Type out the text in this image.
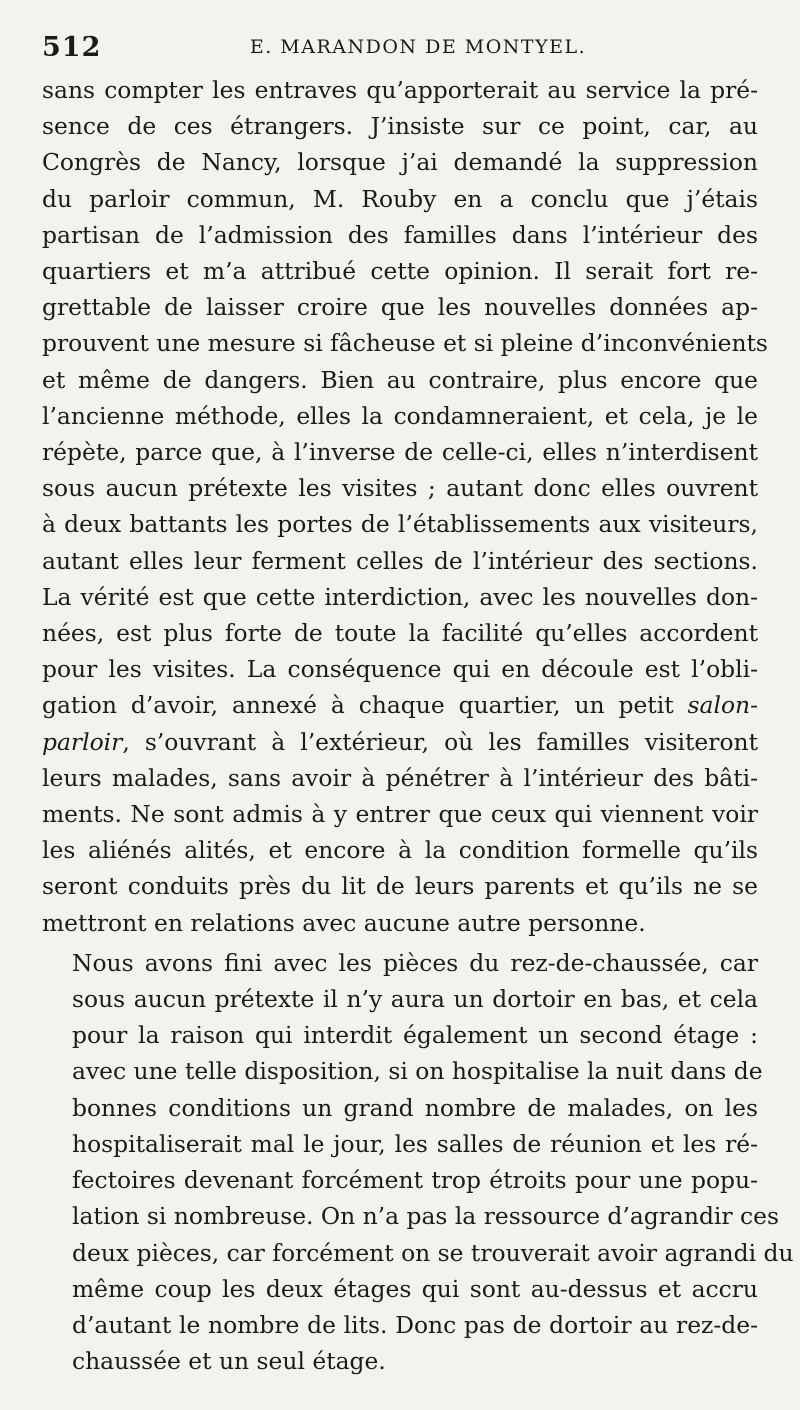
512	E. MARANDON DE MONTYEL.

sans compter les entraves qu’apporterait au service la pré-
sence de ces étrangers. J’insiste sur ce point, car, au
Congrès de Nancy, lorsque j’ai demandé la suppression
du parloir commun, M. Rouby en a conclu que j’étais
partisan de l’admission des familles dans l’intérieur des
quartiers et m’a attribué cette opinion. Il serait fort re-
grettable de laisser croire que les nouvelles données ap-
prouvent une mesure si fâcheuse et si pleine d’inconvénients
et même de dangers. Bien au contraire, plus encore que
l’ancienne méthode, elles la condamneraient, et cela, je le
répète, parce que, à l’inverse de celle-ci, elles n’interdisent
sous aucun prétexte les visites ; autant donc elles ouvrent
à deux battants les portes de l’établissements aux visiteurs,
autant elles leur ferment celles de l’intérieur des sections.
La vérité est que cette interdiction, avec les nouvelles don-
nées, est plus forte de toute la facilité qu’elles accordent
pour les visites. La conséquence qui en découle est l’obli-
gation d’avoir, annexé à chaque quartier, un petit salon-
parloir, s’ouvrant à l’extérieur, où les familles visiteront
leurs malades, sans avoir à pénétrer à l’intérieur des bâti-
ments. Ne sont admis à y entrer que ceux qui viennent voir
les aliénés alités, et encore à la condition formelle qu’ils
seront conduits près du lit de leurs parents et qu’ils ne se
mettront en relations avec aucune autre personne.

Nous avons fini avec les pièces du rez-de-chaussée, car
sous aucun prétexte il n’y aura un dortoir en bas, et cela
pour la raison qui interdit également un second étage :
avec une telle disposition, si on hospitalise la nuit dans de
bonnes conditions un grand nombre de malades, on les
hospitaliserait mal le jour, les salles de réunion et les ré-
fectoires devenant forcément trop étroits pour une popu-
lation si nombreuse. On n’a pas la ressource d’agrandir ces
deux pièces, car forcément on se trouverait avoir agrandi du
même coup les deux étages qui sont au-dessus et accru
d’autant le nombre de lits. Donc pas de dortoir au rez-de-
chaussée et un seul étage.
